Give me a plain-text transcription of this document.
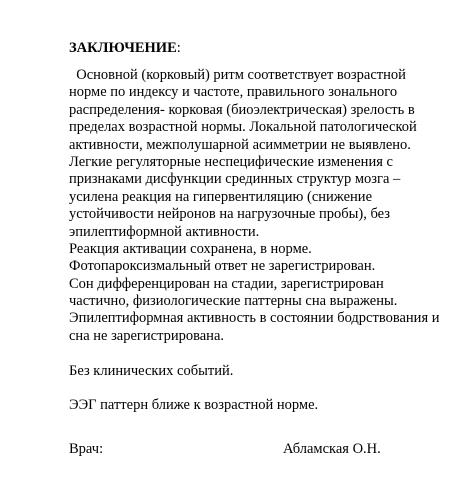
ЗАКЛЮЧЕНИЕ:
Основной (корковый) ритм соответствует возрастной
норме по индексу и частоте, правильного зонального
распределения- корковая (биоэлектрическая) зрелость в
пределах возрастной нормы. Локальной патологической
активности, межполушарной асимметрии не выявлено.
Легкие регуляторные неспецифические изменения с
признаками дисфункции срединных структур мозга –
усилена реакция на гипервентиляцию (снижение
устойчивости нейронов на нагрузочные пробы), без
эпилептиформной активности.
Реакция активации сохранена, в норме.
Фотопароксизмальный ответ не зарегистрирован.
Сон дифференцирован на стадии, зарегистрирован
частично, физиологические паттерны сна выражены.
Эпилептиформная активность в состоянии бодрствования и
сна не зарегистрирована.
Без клинических событий.
ЭЭГ паттерн ближе к возрастной норме.
Врач:	Абламская О.Н.
